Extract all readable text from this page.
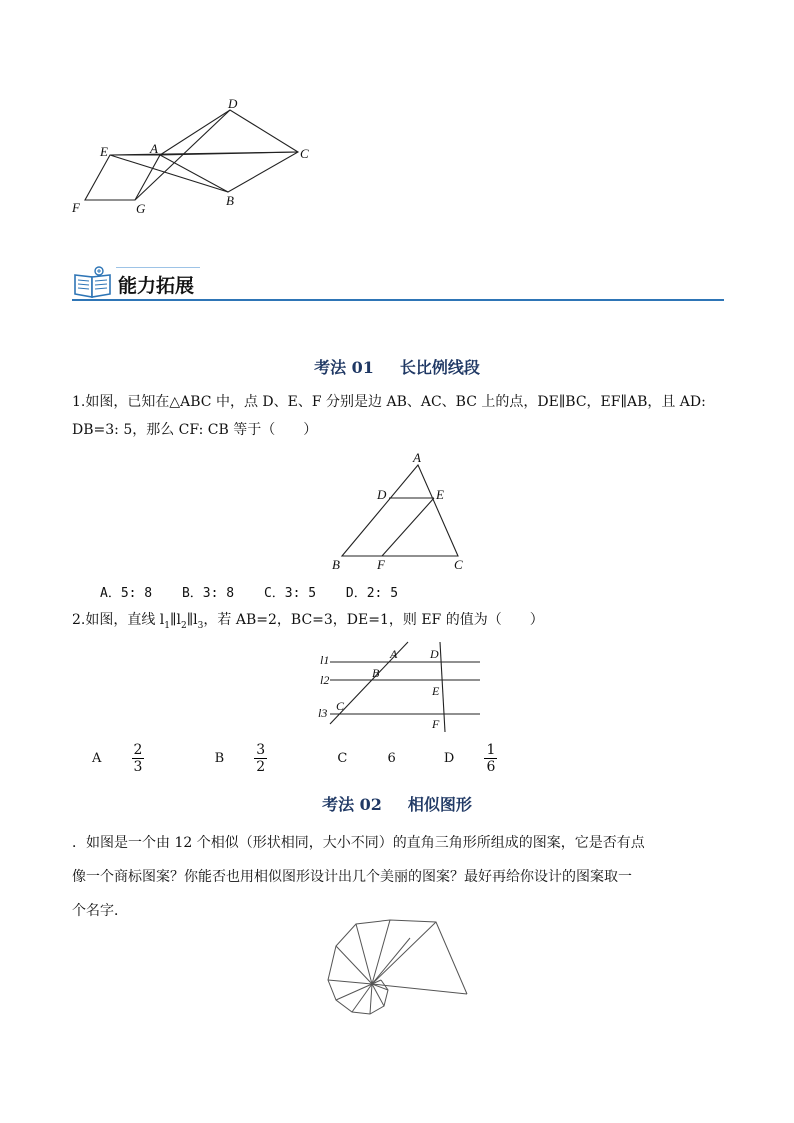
D
E	A	C
F	G
B
能力拓展
考法 01 长比例线段
1.如图，已知在△ABC 中，点 D、E、F 分别是边 AB、AC、BC 上的点，DE∥BC，EF∥AB，且 AD:
DB=3: 5，那么 CF: CB 等于（　　）
A
D	E
B	F	C
A．5: 8 B．3: 8 C．3: 5 D．2: 5
2.如图，直线 $l_1\parallel l_2\parallel l_3$，若 AB=2，BC=3，DE=1，则 EF 的值为（　　）
l1
l2
l3
A
B
C
D
E
F
A $\frac{2}{3}$	B $\frac{3}{2}$	C	6	D $\frac{1}{6}$
考法 02 相似图形
．如图是一个由 12 个相似（形状相同，大小不同）的直角三角形所组成的图案，它是否有点
像一个商标图案？你能否也用相似图形设计出几个美丽的图案？最好再给你设计的图案取一
个名字．
